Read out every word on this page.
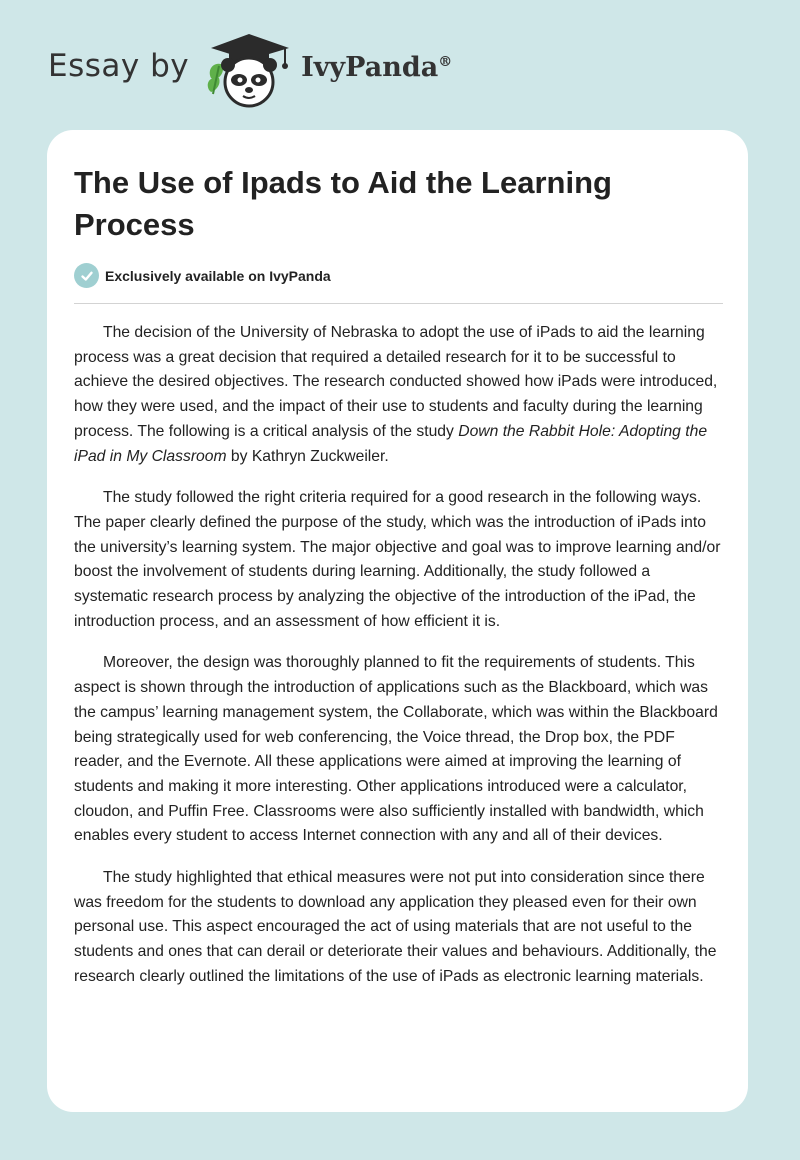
Essay by	IvyPanda®
The Use of Ipads to Aid the Learning Process
Exclusively available on IvyPanda

The decision of the University of Nebraska to adopt the use of iPads to aid the learning process was a great decision that required a detailed research for it to be successful to achieve the desired objectives. The research conducted showed how iPads were introduced, how they were used, and the impact of their use to students and faculty during the learning process. The following is a critical analysis of the study Down the Rabbit Hole: Adopting the iPad in My Classroom by Kathryn Zuckweiler.

The study followed the right criteria required for a good research in the following ways. The paper clearly defined the purpose of the study, which was the introduction of iPads into the university’s learning system. The major objective and goal was to improve learning and/or boost the involvement of students during learning. Additionally, the study followed a systematic research process by analyzing the objective of the introduction of the iPad, the introduction process, and an assessment of how efficient it is.

Moreover, the design was thoroughly planned to fit the requirements of students. This aspect is shown through the introduction of applications such as the Blackboard, which was the campus’ learning management system, the Collaborate, which was within the Blackboard being strategically used for web conferencing, the Voice thread, the Drop box, the PDF reader, and the Evernote. All these applications were aimed at improving the learning of students and making it more interesting. Other applications introduced were a calculator, cloudon, and Puffin Free. Classrooms were also sufficiently installed with bandwidth, which enables every student to access Internet connection with any and all of their devices.

The study highlighted that ethical measures were not put into consideration since there was freedom for the students to download any application they pleased even for their own personal use. This aspect encouraged the act of using materials that are not useful to the students and ones that can derail or deteriorate their values and behaviours. Additionally, the research clearly outlined the limitations of the use of iPads as electronic learning materials.
